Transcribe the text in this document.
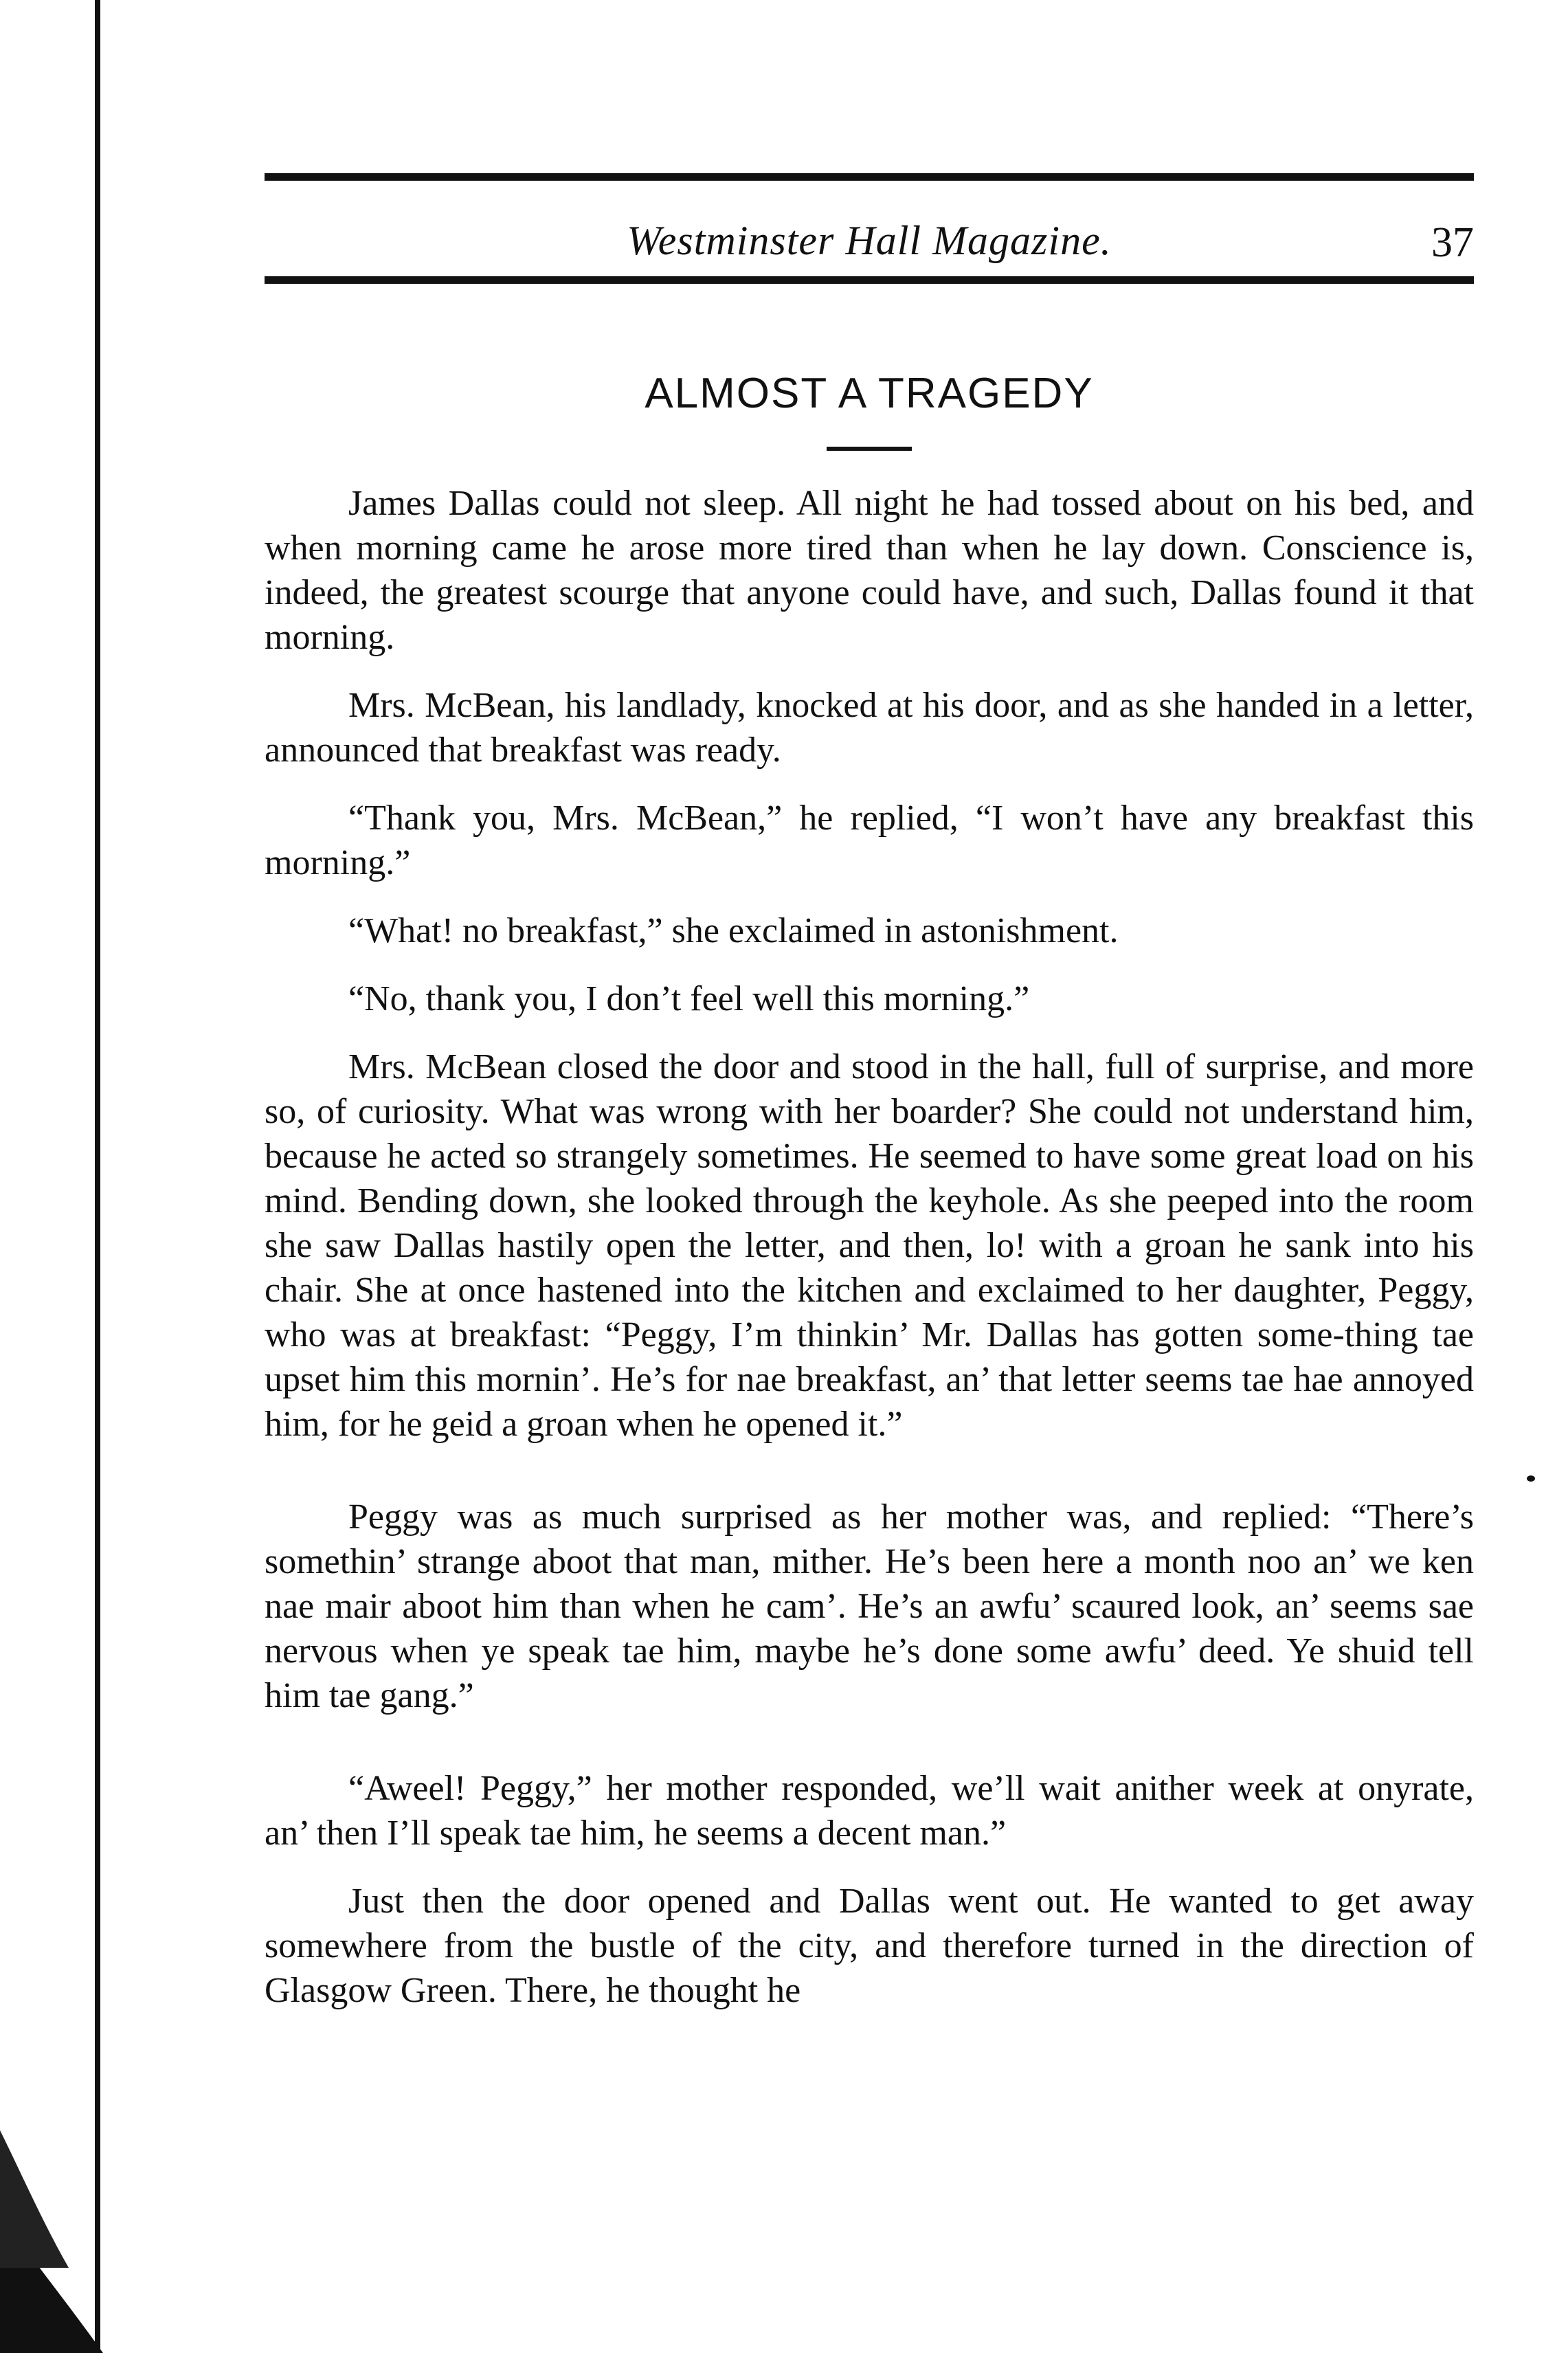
Westminster Hall Magazine.	37
ALMOST A TRAGEDY

James Dallas could not sleep. All night he had tossed about on his bed, and when morning came he arose more tired than when he lay down. Conscience is, indeed, the greatest scourge that anyone could have, and such, Dallas found it that morning.

Mrs. McBean, his landlady, knocked at his door, and as she handed in a letter, announced that breakfast was ready.

“Thank you, Mrs. McBean,” he replied, “I won’t have any breakfast this morning.”

“What! no breakfast,” she exclaimed in astonishment.

“No, thank you, I don’t feel well this morning.”

Mrs. McBean closed the door and stood in the hall, full of surprise, and more so, of curiosity. What was wrong with her boarder? She could not understand him, because he acted so strangely sometimes. He seemed to have some great load on his mind. Bending down, she looked through the keyhole. As she peeped into the room she saw Dallas hastily open the letter, and then, lo! with a groan he sank into his chair. She at once hastened into the kitchen and exclaimed to her daughter, Peggy, who was at breakfast: “Peggy, I’m thinkin’ Mr. Dallas has gotten some-thing tae upset him this mornin’. He’s for nae breakfast, an’ that letter seems tae hae annoyed him, for he geid a groan when he opened it.”

Peggy was as much surprised as her mother was, and replied: “There’s somethin’ strange aboot that man, mither. He’s been here a month noo an’ we ken nae mair aboot him than when he cam’. He’s an awfu’ scaured look, an’ seems sae nervous when ye speak tae him, maybe he’s done some awfu’ deed. Ye shuid tell him tae gang.”

“Aweel! Peggy,” her mother responded, we’ll wait anither week at onyrate, an’ then I’ll speak tae him, he seems a decent man.”

Just then the door opened and Dallas went out. He wanted to get away somewhere from the bustle of the city, and therefore turned in the direction of Glasgow Green. There, he thought he
